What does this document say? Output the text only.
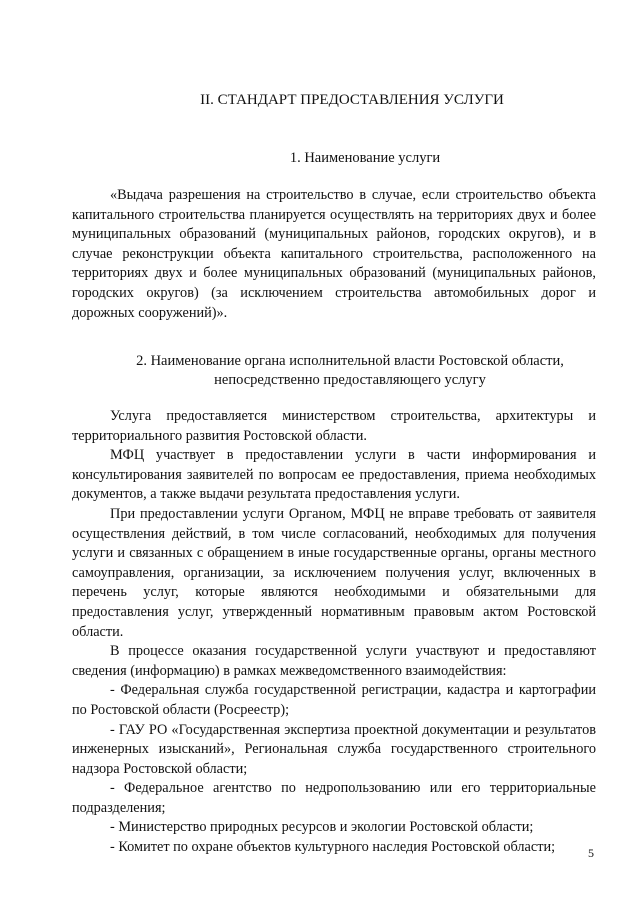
II. СТАНДАРТ ПРЕДОСТАВЛЕНИЯ УСЛУГИ
1. Наименование услуги

«Выдача разрешения на строительство в случае, если строительство объекта капитального строительства планируется осуществлять на территориях двух и более муниципальных образований (муниципальных районов, городских округов), и в случае реконструкции объекта капитального строительства, расположенного на территориях двух и более муниципальных образований (муниципальных районов, городских округов) (за исключением строительства автомобильных дорог и дорожных сооружений)».

2. Наименование органа исполнительной власти Ростовской области,
непосредственно предоставляющего услугу

Услуга предоставляется министерством строительства, архитектуры и территориального развития Ростовской области.

МФЦ участвует в предоставлении услуги в части информирования и консультирования заявителей по вопросам ее предоставления, приема необходимых документов, а также выдачи результата предоставления услуги.

При предоставлении услуги Органом, МФЦ не вправе требовать от заявителя осуществления действий, в том числе согласований, необходимых для получения услуги и связанных с обращением в иные государственные органы, органы местного самоуправления, организации, за исключением получения услуг, включенных в перечень услуг, которые являются необходимыми и обязательными для предоставления услуг, утвержденный нормативным правовым актом Ростовской области.

В процессе оказания государственной услуги участвуют и предоставляют сведения (информацию) в рамках межведомственного взаимодействия:

- Федеральная служба государственной регистрации, кадастра и картографии по Ростовской области (Росреестр);

- ГАУ РО «Государственная экспертиза проектной документации и результатов инженерных изысканий», Региональная служба государственного строительного надзора Ростовской области;

- Федеральное агентство по недропользованию или его территориальные подразделения;

- Министерство природных ресурсов и экологии Ростовской области;

- Комитет по охране объектов культурного наследия Ростовской области;	5
